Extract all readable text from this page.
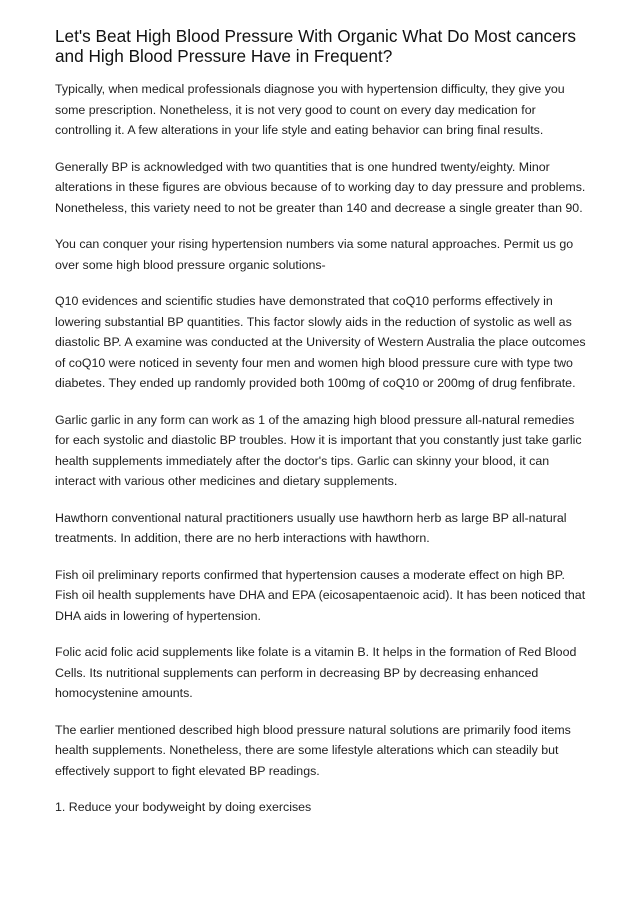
Let's Beat High Blood Pressure With Organic What Do Most cancers and High Blood Pressure Have in Frequent?

Typically, when medical professionals diagnose you with hypertension difficulty, they give you some prescription. Nonetheless, it is not very good to count on every day medication for controlling it. A few alterations in your life style and eating behavior can bring final results.

Generally BP is acknowledged with two quantities that is one hundred twenty/eighty. Minor alterations in these figures are obvious because of to working day to day pressure and problems. Nonetheless, this variety need to not be greater than 140 and decrease a single greater than 90.

You can conquer your rising hypertension numbers via some natural approaches. Permit us go over some high blood pressure organic solutions-

Q10 evidences and scientific studies have demonstrated that coQ10 performs effectively in lowering substantial BP quantities. This factor slowly aids in the reduction of systolic as well as diastolic BP. A examine was conducted at the University of Western Australia the place outcomes of coQ10 were noticed in seventy four men and women high blood pressure cure with type two diabetes. They ended up randomly provided both 100mg of coQ10 or 200mg of drug fenfibrate.

Garlic garlic in any form can work as 1 of the amazing high blood pressure all-natural remedies for each systolic and diastolic BP troubles. How it is important that you constantly just take garlic health supplements immediately after the doctor's tips. Garlic can skinny your blood, it can interact with various other medicines and dietary supplements.

Hawthorn conventional natural practitioners usually use hawthorn herb as large BP all-natural treatments. In addition, there are no herb interactions with hawthorn.

Fish oil preliminary reports confirmed that hypertension causes a moderate effect on high BP. Fish oil health supplements have DHA and EPA (eicosapentaenoic acid). It has been noticed that DHA aids in lowering of hypertension.

Folic acid folic acid supplements like folate is a vitamin B. It helps in the formation of Red Blood Cells. Its nutritional supplements can perform in decreasing BP by decreasing enhanced homocystenine amounts.

The earlier mentioned described high blood pressure natural solutions are primarily food items health supplements. Nonetheless, there are some lifestyle alterations which can steadily but effectively support to fight elevated BP readings.

1. Reduce your bodyweight by doing exercises
